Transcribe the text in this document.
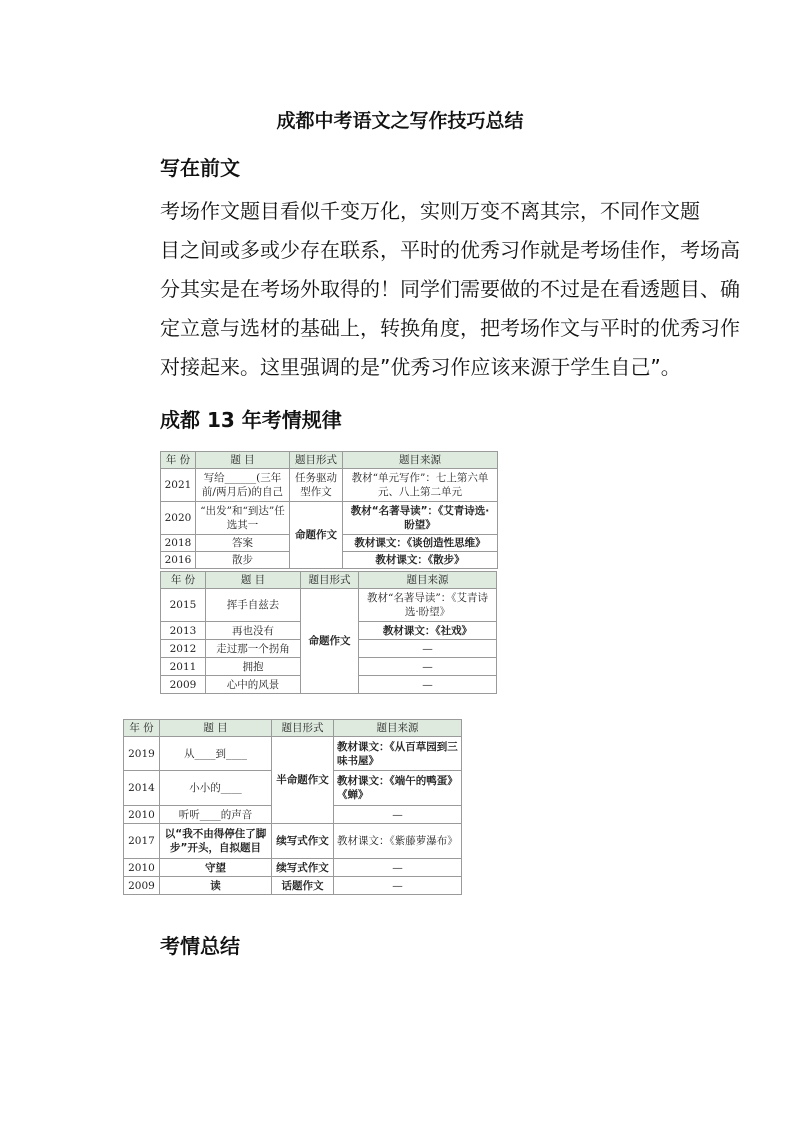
成都中考语文之写作技巧总结
写在前文
考场作文题目看似千变万化，实则万变不离其宗，不同作文题
目之间或多或少存在联系，平时的优秀习作就是考场佳作，考场高
分其实是在考场外取得的！同学们需要做的不过是在看透题目、确
定立意与选材的基础上，转换角度，把考场作文与平时的优秀习作
对接起来。这里强调的是”优秀习作应该来源于学生自己”。
成都 13 年考情规律
年 份	题 目	题目形式	题目来源
2021	写给______(三年前/两月后)的自己	任务驱动型作文	教材“单元写作”：七上第六单元、八上第二单元
2020	“出发”和“到达”任选其一	命题作文	教材“名著导读”：《艾青诗选·盼望》
2018	答案		教材课文：《谈创造性思维》
2016	散步		教材课文：《散步》
年 份	题 目	题目形式	题目来源
2015	挥手自兹去	命题作文	教材“名著导读”：《艾青诗选·盼望》
2013	再也没有		教材课文：《社戏》
2012	走过那一个拐角		—
2011	拥抱		—
2009	心中的风景		—
年 份	题 目	题目形式	题目来源
2019	从____到____	半命题作文	教材课文：《从百草园到三味书屋》
2014	小小的____		教材课文：《端午的鸭蛋》《蝉》
2010	听听____的声音		—
2017	以“我不由得停住了脚步”开头，自拟题目	续写式作文	教材课文：《紫藤萝瀑布》
2010	守望	续写式作文	—
2009	读	话题作文	—
考情总结
